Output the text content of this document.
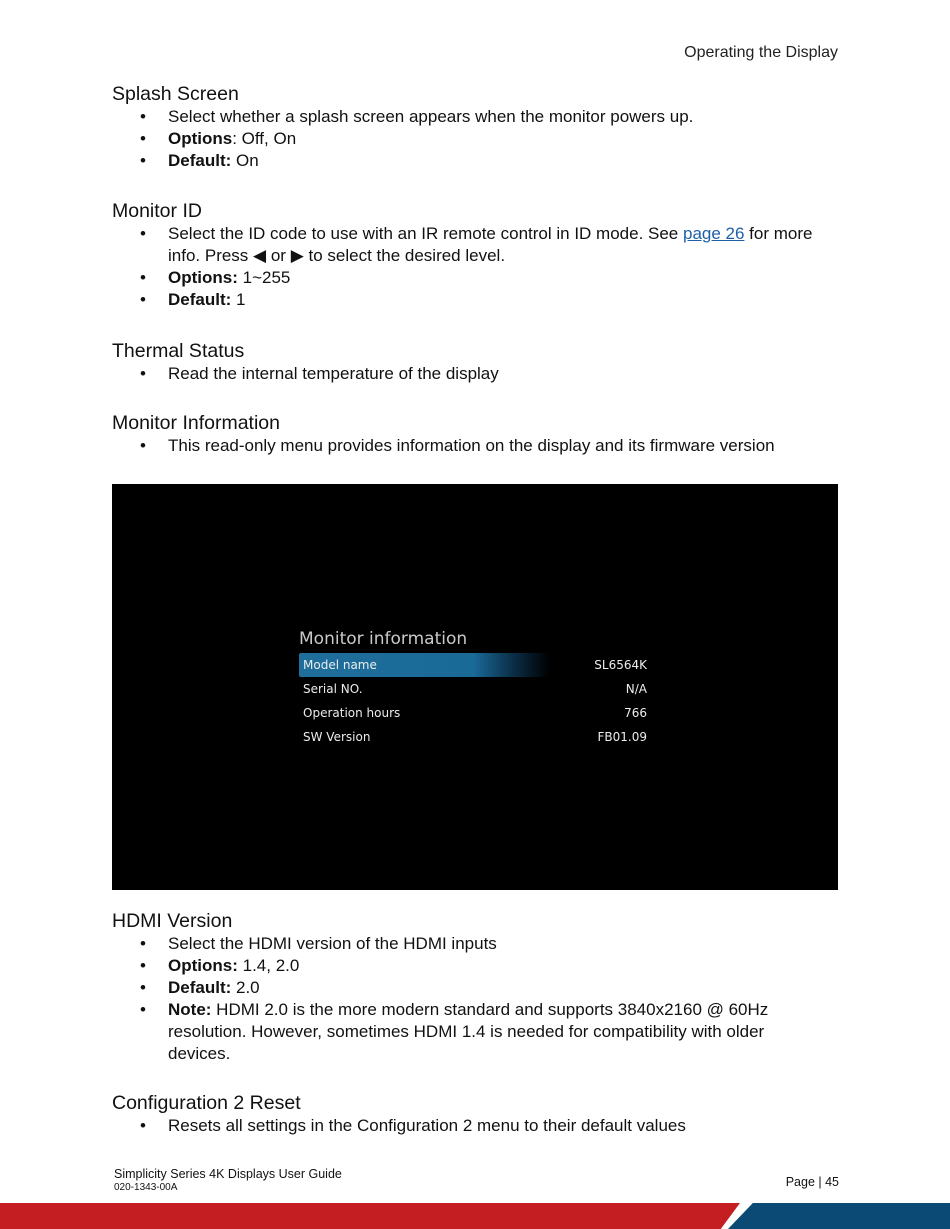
Operating the Display
Splash Screen
• Select whether a splash screen appears when the monitor powers up.
• Options: Off, On
• Default: On
Monitor ID
• Select the ID code to use with an IR remote control in ID mode. See page 26 for more
info. Press ◀ or ▶ to select the desired level.
• Options: 1~255
• Default: 1
Thermal Status
• Read the internal temperature of the display
Monitor Information
• This read-only menu provides information on the display and its firmware version
Monitor information
Model name	SL6564K
Serial NO.	N/A
Operation hours	766
SW Version	FB01.09
HDMI Version
• Select the HDMI version of the HDMI inputs
• Options: 1.4, 2.0
• Default: 2.0
• Note: HDMI 2.0 is the more modern standard and supports 3840x2160 @ 60Hz
resolution. However, sometimes HDMI 1.4 is needed for compatibility with older
devices.
Configuration 2 Reset
• Resets all settings in the Configuration 2 menu to their default values
Simplicity Series 4K Displays User Guide
020-1343-00A	Page | 45
